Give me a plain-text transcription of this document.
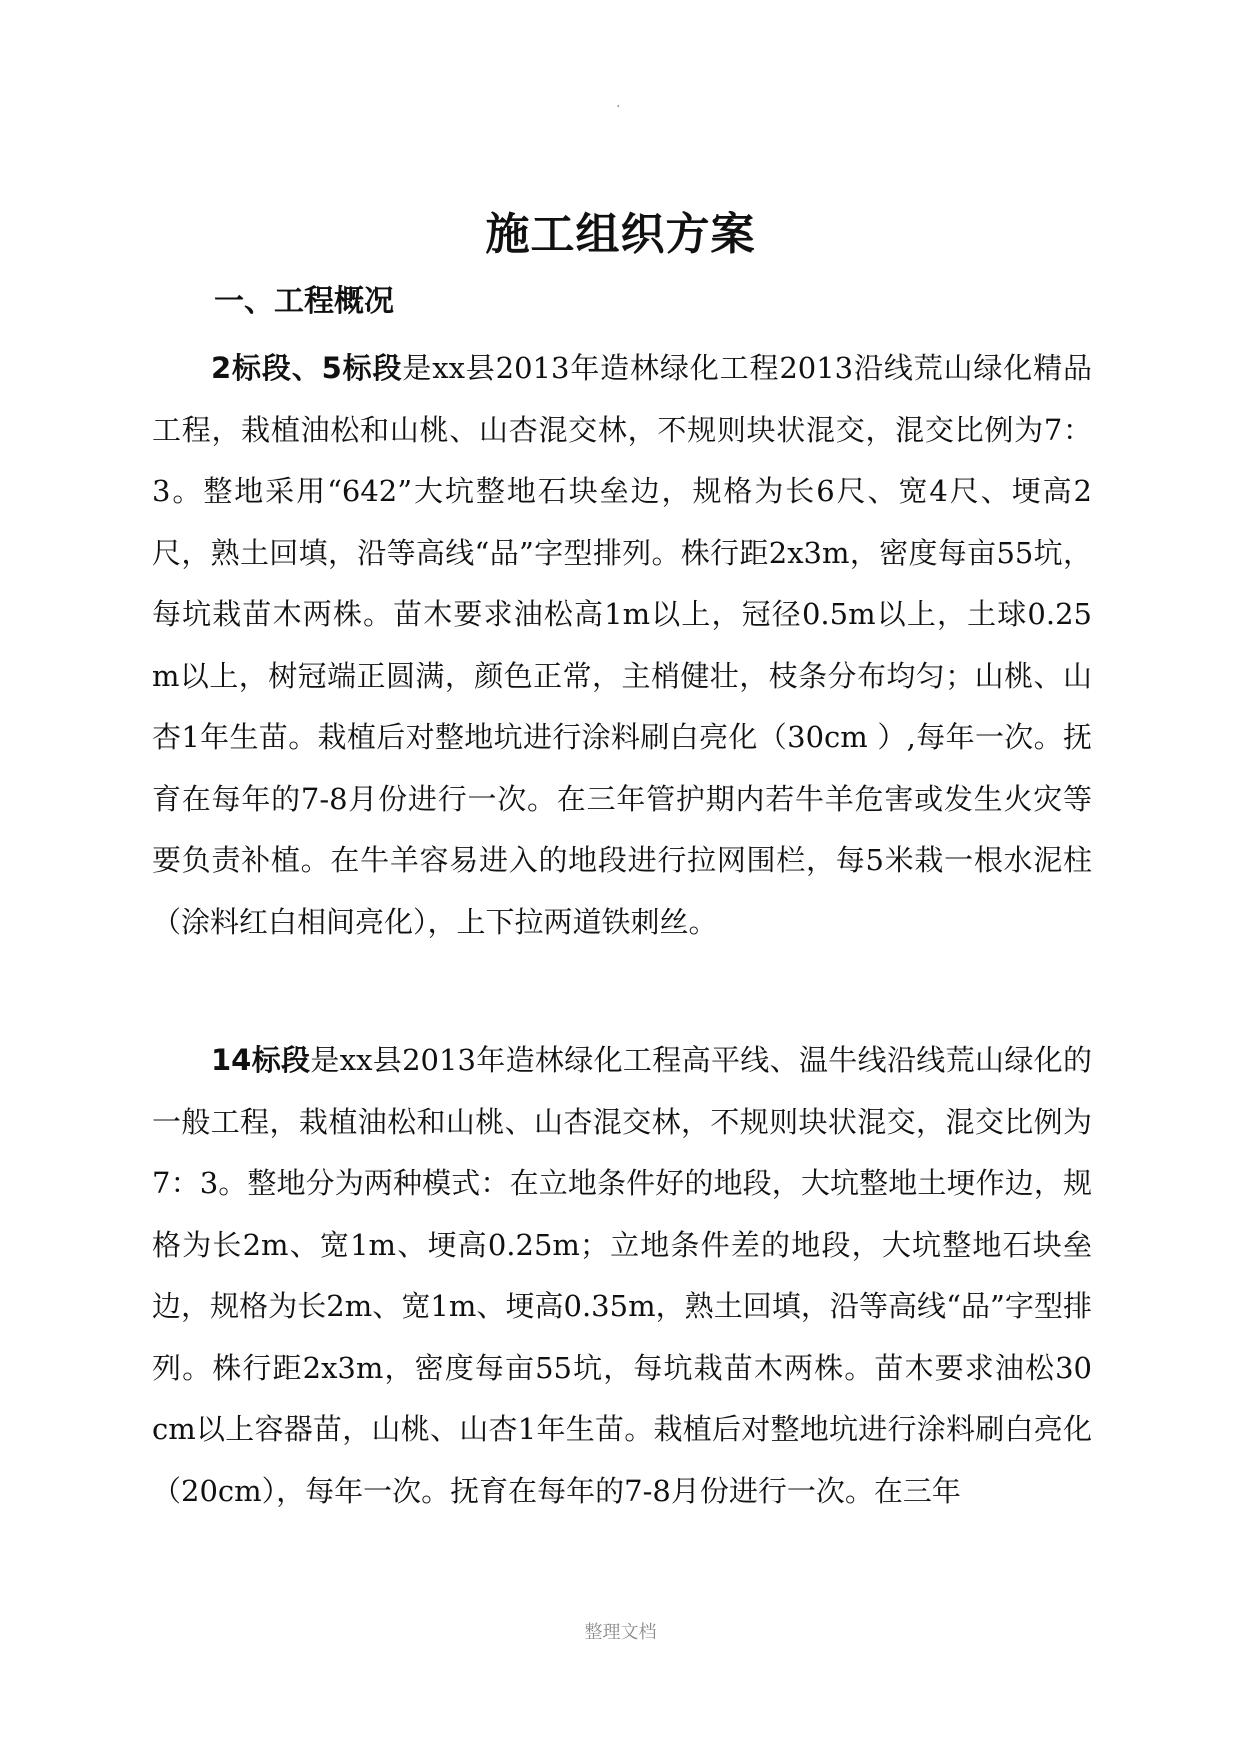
.
施工组织方案
一、工程概况

2标段、5标段是xx县2013年造林绿化工程2013沿线荒山绿化精品工程，栽植油松和山桃、山杏混交林，不规则块状混交，混交比例为7：3。整地采用“642”大坑整地石块垒边，规格为长6尺、宽4尺、埂高2尺，熟土回填，沿等高线“品”字型排列。株行距2x3m，密度每亩55坑，每坑栽苗木两株。苗木要求油松高1m以上，冠径0.5m以上，土球0.25 m以上，树冠端正圆满，颜色正常，主梢健壮，枝条分布均匀；山桃、山杏1年生苗。栽植后对整地坑进行涂料刷白亮化（30cm ）,每年一次。抚育在每年的7-8月份进行一次。在三年管护期内若牛羊危害或发生火灾等要负责补植。在牛羊容易进入的地段进行拉网围栏，每5米栽一根水泥柱（涂料红白相间亮化），上下拉两道铁刺丝。

14标段是xx县2013年造林绿化工程高平线、温牛线沿线荒山绿化的一般工程，栽植油松和山桃、山杏混交林，不规则块状混交，混交比例为7：3。整地分为两种模式：在立地条件好的地段，大坑整地土埂作边，规格为长2m、宽1m、埂高0.25m；立地条件差的地段，大坑整地石块垒边，规格为长2m、宽1m、埂高0.35m，熟土回填，沿等高线“品”字型排列。株行距2x3m，密度每亩55坑，每坑栽苗木两株。苗木要求油松30 cm以上容器苗，山桃、山杏1年生苗。栽植后对整地坑进行涂料刷白亮化（20cm），每年一次。抚育在每年的7-8月份进行一次。在三年

整理文档
